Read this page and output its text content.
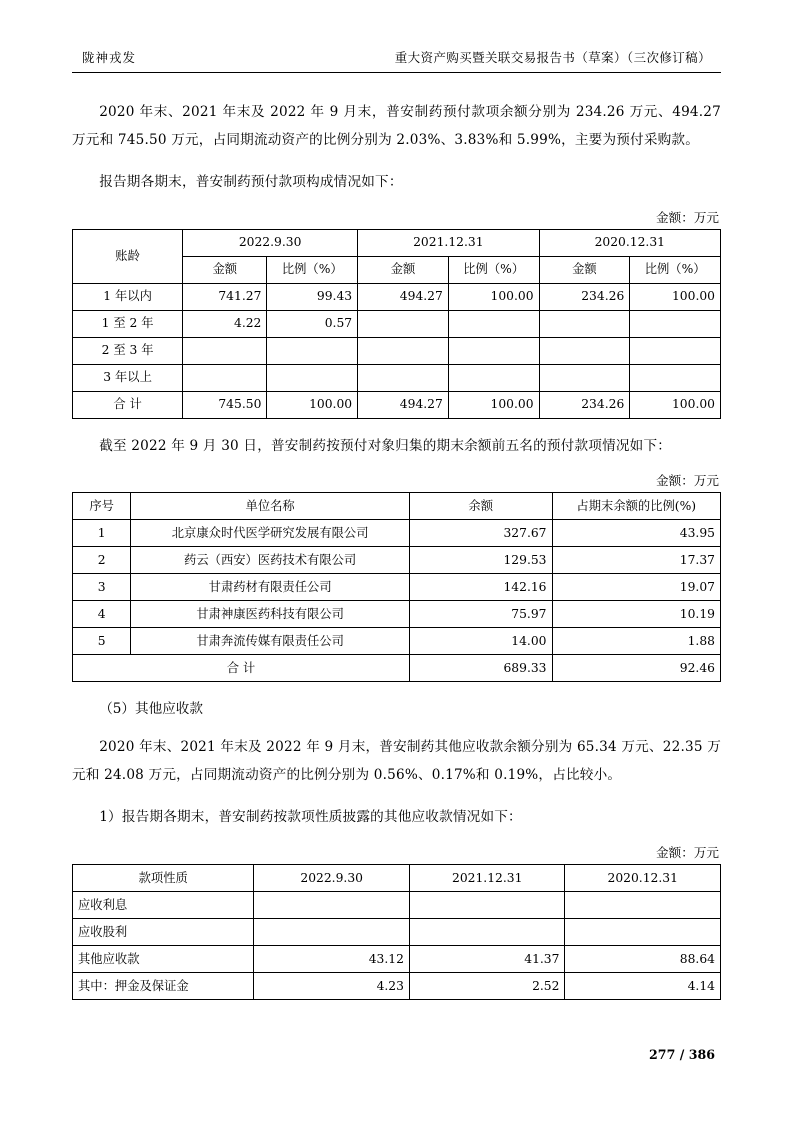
陇神戎发	重大资产购买暨关联交易报告书（草案）（三次修订稿）

2020 年末、2021 年末及 2022 年 9 月末，普安制药预付款项余额分别为 234.26 万元、494.27 万元和 745.50 万元，占同期流动资产的比例分别为 2.03%、3.83%和 5.99%，主要为预付采购款。

报告期各期末，普安制药预付款项构成情况如下：

金额：万元
账龄	2022.9.30		2021.12.31		2020.12.31	
	金额	比例（%）	金额	比例（%）	金额	比例（%）
1 年以内	741.27	99.43	494.27	100.00	234.26	100.00
1 至 2 年	4.22	0.57				
2 至 3 年						
3 年以上						
合 计	745.50	100.00	494.27	100.00	234.26	100.00

截至 2022 年 9 月 30 日，普安制药按预付对象归集的期末余额前五名的预付款项情况如下：

金额：万元
序号	单位名称	余额	占期末余额的比例(%)
1	北京康众时代医学研究发展有限公司	327.67	43.95
2	药云（西安）医药技术有限公司	129.53	17.37
3	甘肃药材有限责任公司	142.16	19.07
4	甘肃神康医药科技有限公司	75.97	10.19
5	甘肃奔流传媒有限责任公司	14.00	1.88
合 计		689.33	92.46

（5）其他应收款

2020 年末、2021 年末及 2022 年 9 月末，普安制药其他应收款余额分别为 65.34 万元、22.35 万元和 24.08 万元，占同期流动资产的比例分别为 0.56%、0.17%和 0.19%，占比较小。

1）报告期各期末，普安制药按款项性质披露的其他应收款情况如下：

金额：万元
款项性质	2022.9.30	2021.12.31	2020.12.31
应收利息			
应收股利			
其他应收款	43.12	41.37	88.64
其中：押金及保证金	4.23	2.52	4.14
277 / 386
